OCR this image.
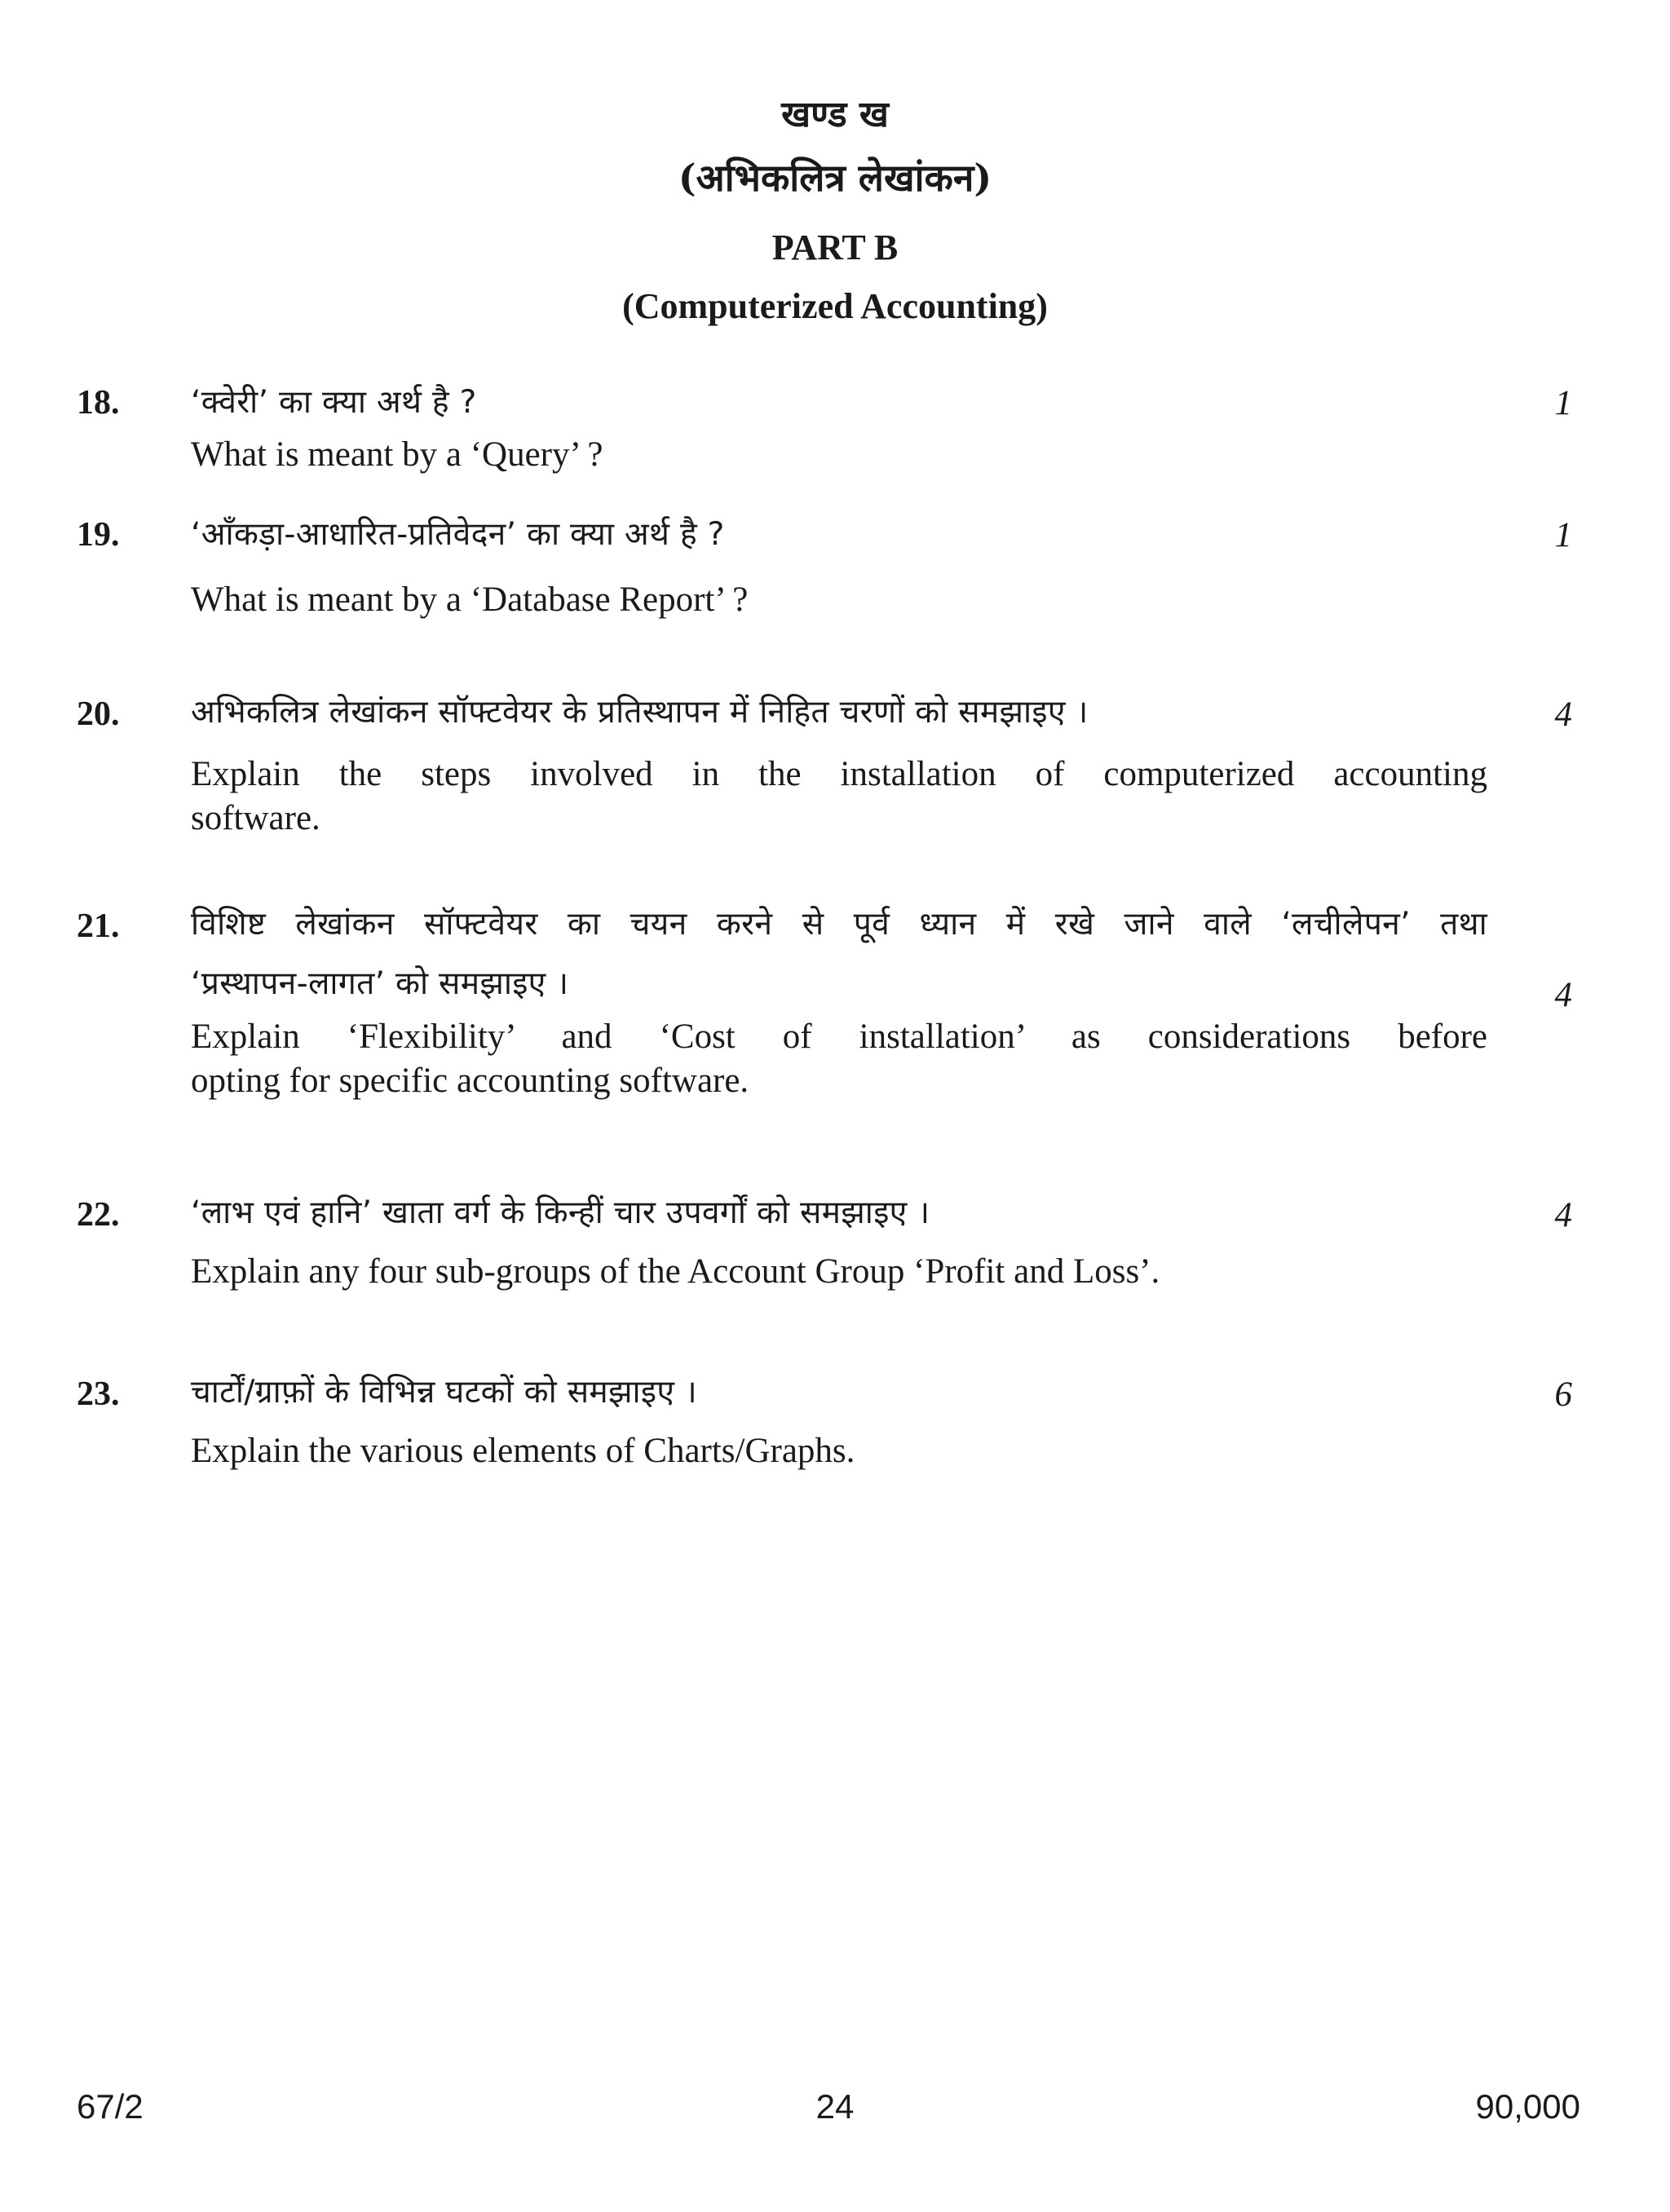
खण्ड ख
(अभिकलित्र लेखांकन)
PART B
(Computerized Accounting)
18. ‘क्वेरी’ का क्या अर्थ है ?
What is meant by a ‘Query’ ?
1
19. ‘आँकड़ा-आधारित-प्रतिवेदन’ का क्या अर्थ है ?
What is meant by a ‘Database Report’ ?
1
20. अभिकलित्र लेखांकन सॉफ्टवेयर के प्रतिस्थापन में निहित चरणों को समझाइए ।
Explain the steps involved in the installation of computerized accounting
software.
4
21. विशिष्ट लेखांकन सॉफ्टवेयर का चयन करने से पूर्व ध्यान में रखे जाने वाले ‘लचीलेपन’ तथा
‘प्रस्थापन-लागत’ को समझाइए ।
Explain ‘Flexibility’ and ‘Cost of installation’ as considerations before
opting for specific accounting software.
4
22. ‘लाभ एवं हानि’ खाता वर्ग के किन्हीं चार उपवर्गों को समझाइए ।
Explain any four sub-groups of the Account Group ‘Profit and Loss’.
4
23. चार्टों/ग्राफ़ों के विभिन्न घटकों को समझाइए ।
Explain the various elements of Charts/Graphs.
6
67/2	24	90,000
